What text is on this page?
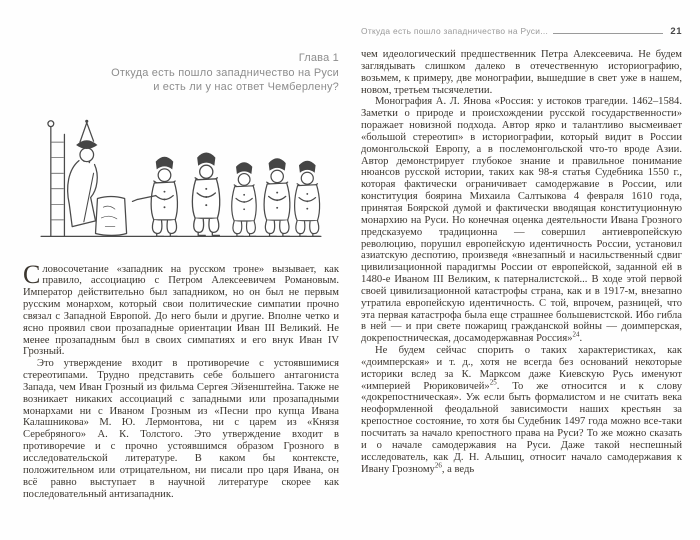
Глава 1
Откуда есть пошло западничество на Руси
и есть ли у нас ответ Чемберлену?

Словосочетание «западник на русском троне» вызывает, как правило, ассоциацию с Петром Алексеевичем Романовым. Император действительно был западником, но он был не первым русским монархом, который свои политические симпатии прочно связал с Западной Европой. До него были и другие. Вполне четко и ясно проявил свои прозападные ориентации Иван III Великий. Не менее прозападным был в своих симпатиях и его внук Иван IV Грозный.

Это утверждение входит в противоречие с устоявшимися стереотипами. Трудно представить себе большего антагониста Запада, чем Иван Грозный из фильма Сергея Эйзенштейна. Также не возникает никаких ассоциаций с западными или прозападными монархами ни с Иваном Грозным из «Песни про купца Ивана Калашникова» М. Ю. Лермонтова, ни с царем из «Князя Серебряного» А. К. Толстого. Это утверждение входит в противоречие и с прочно устоявшимся образом Грозного в исследовательской литературе. В каком бы контексте, положительном или отрицательном, ни писали про царя Ивана, он всё равно выступает в научной литературе скорее как последовательный антизападник.

Откуда есть пошло западничество на Руси...	21

чем идеологический предшественник Петра Алексеевича. Не будем заглядывать слишком далеко в отечественную историографию, возьмем, к примеру, две монографии, вышедшие в свет уже в нашем, новом, третьем тысячелетии.

Монография А. Л. Янова «Россия: у истоков трагедии. 1462–1584. Заметки о природе и происхождении русской государственности» поражает новизной подхода. Автор ярко и талантливо высмеивает «большой стереотип» в историографии, который видит в России домонгольской Европу, а в послемонгольской что-то вроде Азии. Автор демонстрирует глубокое знание и правильное понимание нюансов русской истории, таких как 98-я статья Судебника 1550 г., которая фактически ограничивает самодержавие в России, или конституция боярина Михаила Салтыкова 4 февраля 1610 года, принятая Боярской думой и фактически вводящая конституционную монархию на Руси. Но конечная оценка деятельности Ивана Грозного предсказуемо традиционна — совершил антиевропейскую революцию, порушил европейскую идентичность России, установил азиатскую деспотию, произведя «внезапный и насильственный сдвиг цивилизационной парадигмы России от европейской, заданной ей в 1480-е Иваном III Великим, к патерналистской... В ходе этой первой своей цивилизационной катастрофы страна, как и в 1917-м, внезапно утратила европейскую идентичность. С той, впрочем, разницей, что эта первая катастрофа была еще страшнее большевистской. Ибо гибла в ней — и при свете пожарищ гражданской войны — доимперская, докрепостническая, досамодержавная Россия»$^{24}$.

Не будем сейчас спорить о таких характеристиках, как «доимперская» и т. д., хотя не всегда без оснований некоторые историки вслед за К. Марксом даже Киевскую Русь именуют «империей Рюриковичей»$^{25}$. То же относится и к слову «докрепостническая». Уж если быть формалистом и не считать века неоформленной феодальной зависимости наших крестьян за крепостное состояние, то хотя бы Судебник 1497 года можно все-таки посчитать за начало крепостного права на Руси? То же можно сказать и о начале самодержавия на Руси. Даже такой неспешный исследователь, как Д. Н. Альшиц, относит начало самодержавия к Ивану Грозному$^{26}$, а ведь
